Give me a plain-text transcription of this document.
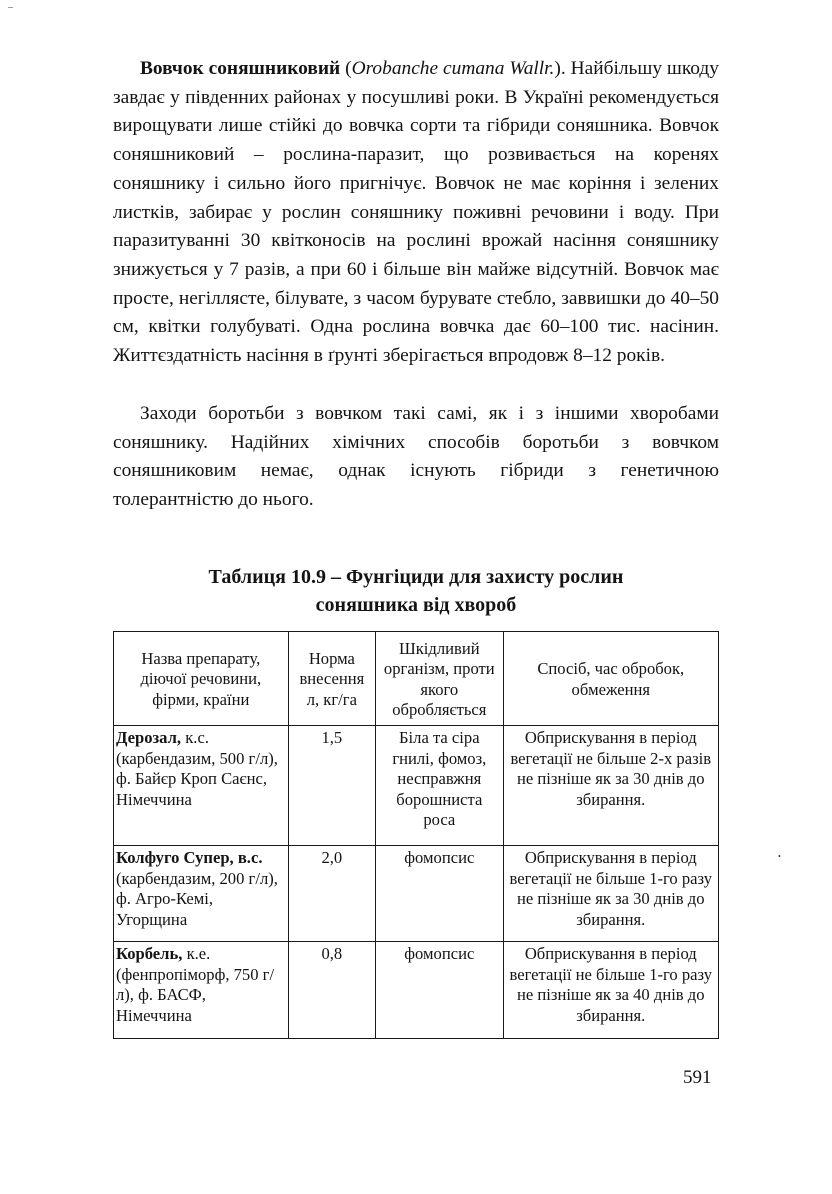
–

Вовчок соняшниковий (Orobanche cumana Wallr.). Найбільшу шкоду завдає у південних районах у посушливі роки. В Україні рекомендується вирощувати лише стійкі до вовчка сорти та гібриди соняшника. Вовчок соняшниковий – рослина-паразит, що розвивається на коренях соняшнику і сильно його пригнічує. Вовчок не має коріння і зелених листків, забирає у рослин соняшнику поживні речовини і воду. При паразитуванні 30 квітконосів на рослині врожай насіння соняшнику знижується у 7 разів, а при 60 і більше він майже відсутній. Вовчок має просте, негіллясте, білувате, з часом бурувате стебло, заввишки до 40–50 см, квітки голубуваті. Одна рослина вовчка дає 60–100 тис. насінин. Життєздатність насіння в ґрунті зберігається впродовж 8–12 років.

Заходи боротьби з вовчком такі самі, як і з іншими хворобами соняшнику. Надійних хімічних способів боротьби з вовчком соняшниковим немає, однак існують гібриди з генетичною толерантністю до нього.

Таблиця 10.9 – Фунгіциди для захисту рослин
соняшника від хвороб

Назва препарату, діючої речовини, фірми, країни	Норма внесення л, кг/га	Шкідливий організм, проти якого обробляється	Спосіб, час обробок, обмеження
Дерозал, к.с. (карбендазим, 500 г/л), ф. Байєр Кроп Саєнс, Німеччина	1,5	Біла та сіра гнилі, фомоз, несправжня борошниста роса	Обприскування в період вегетації не більше 2-х разів не пізніше як за 30 днів до збирання.
Колфуго Супер, в.с. (карбендазим, 200 г/л), ф. Агро-Кемі, Угорщина	2,0	фомопсис	Обприскування в період вегетації не більше 1-го разу не пізніше як за 30 днів до збирання.
Корбель, к.е. (фенпропіморф, 750 г/л), ф. БАСФ, Німеччина	0,8	фомопсис	Обприскування в період вегетації не більше 1-го разу не пізніше як за 40 днів до збирання.
•
591
